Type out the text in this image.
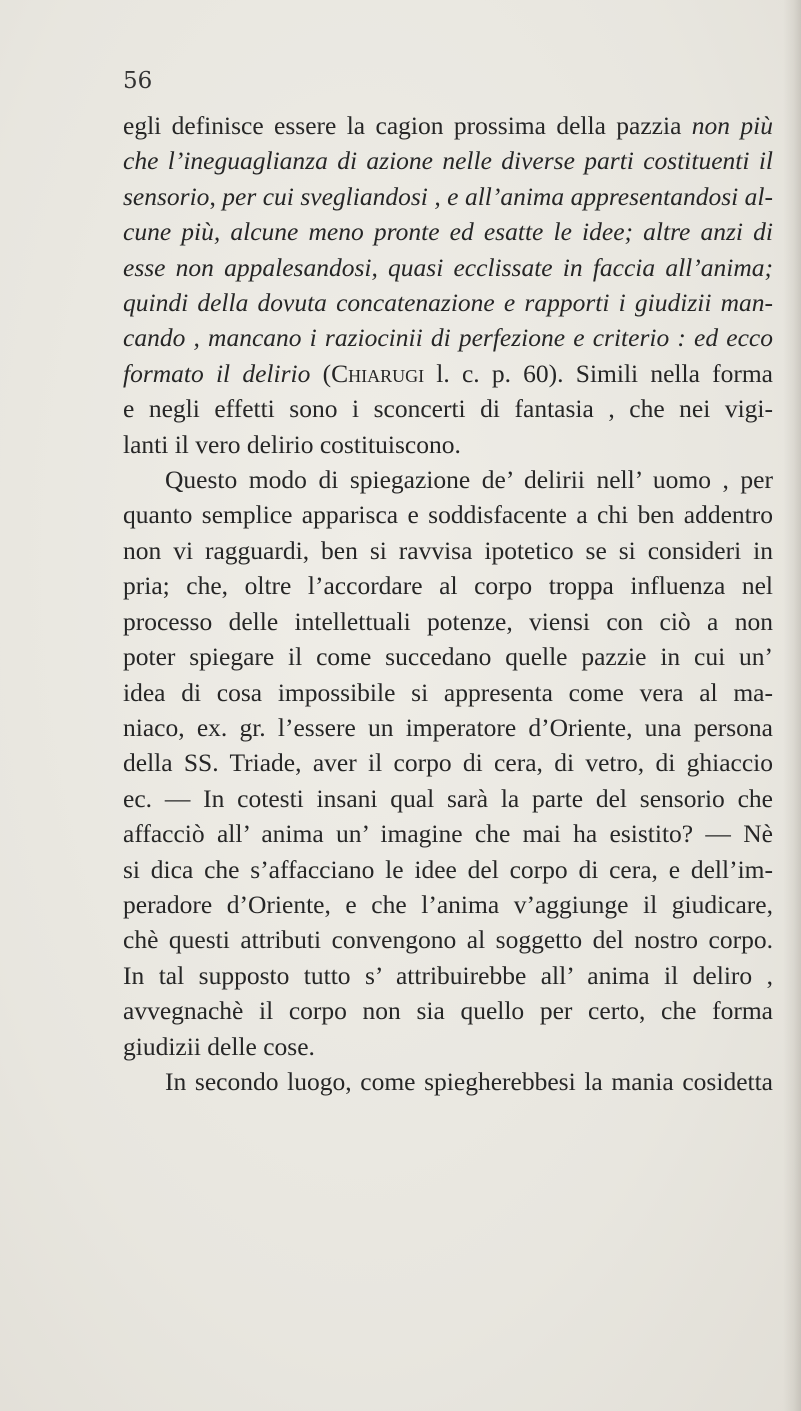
56
egli definisce essere la cagion prossima della pazzia non più
che l’ineguaglianza di azione nelle diverse parti costituenti il
sensorio, per cui svegliandosi , e all’anima appresentandosi al-
cune più, alcune meno pronte ed esatte le idee; altre anzi di
esse non appalesandosi, quasi ecclissate in faccia all’anima;
quindi della dovuta concatenazione e rapporti i giudizii man-
cando , mancano i raziocinii di perfezione e criterio : ed ecco
formato il delirio (Chiarugi l. c. p. 60). Simili nella forma
e negli effetti sono i sconcerti di fantasia , che nei vigi-
lanti il vero delirio costituiscono.
Questo modo di spiegazione de’ delirii nell’ uomo , per
quanto semplice apparisca e soddisfacente a chi ben addentro
non vi ragguardi, ben si ravvisa ipotetico se si consideri in
pria; che, oltre l’accordare al corpo troppa influenza nel
processo delle intellettuali potenze, viensi con ciò a non
poter spiegare il come succedano quelle pazzie in cui un’
idea di cosa impossibile si appresenta come vera al ma-
niaco, ex. gr. l’essere un imperatore d’Oriente, una persona
della SS. Triade, aver il corpo di cera, di vetro, di ghiaccio
ec. — In cotesti insani qual sarà la parte del sensorio che
affacciò all’ anima un’ imagine che mai ha esistito? — Nè
si dica che s’affacciano le idee del corpo di cera, e dell’im-
peradore d’Oriente, e che l’anima v’aggiunge il giudicare,
chè questi attributi convengono al soggetto del nostro corpo.
In tal supposto tutto s’ attribuirebbe all’ anima il deliro ,
avvegnachè il corpo non sia quello per certo, che forma
giudizii delle cose.
In secondo luogo, come spiegherebbesi la mania cosidetta
